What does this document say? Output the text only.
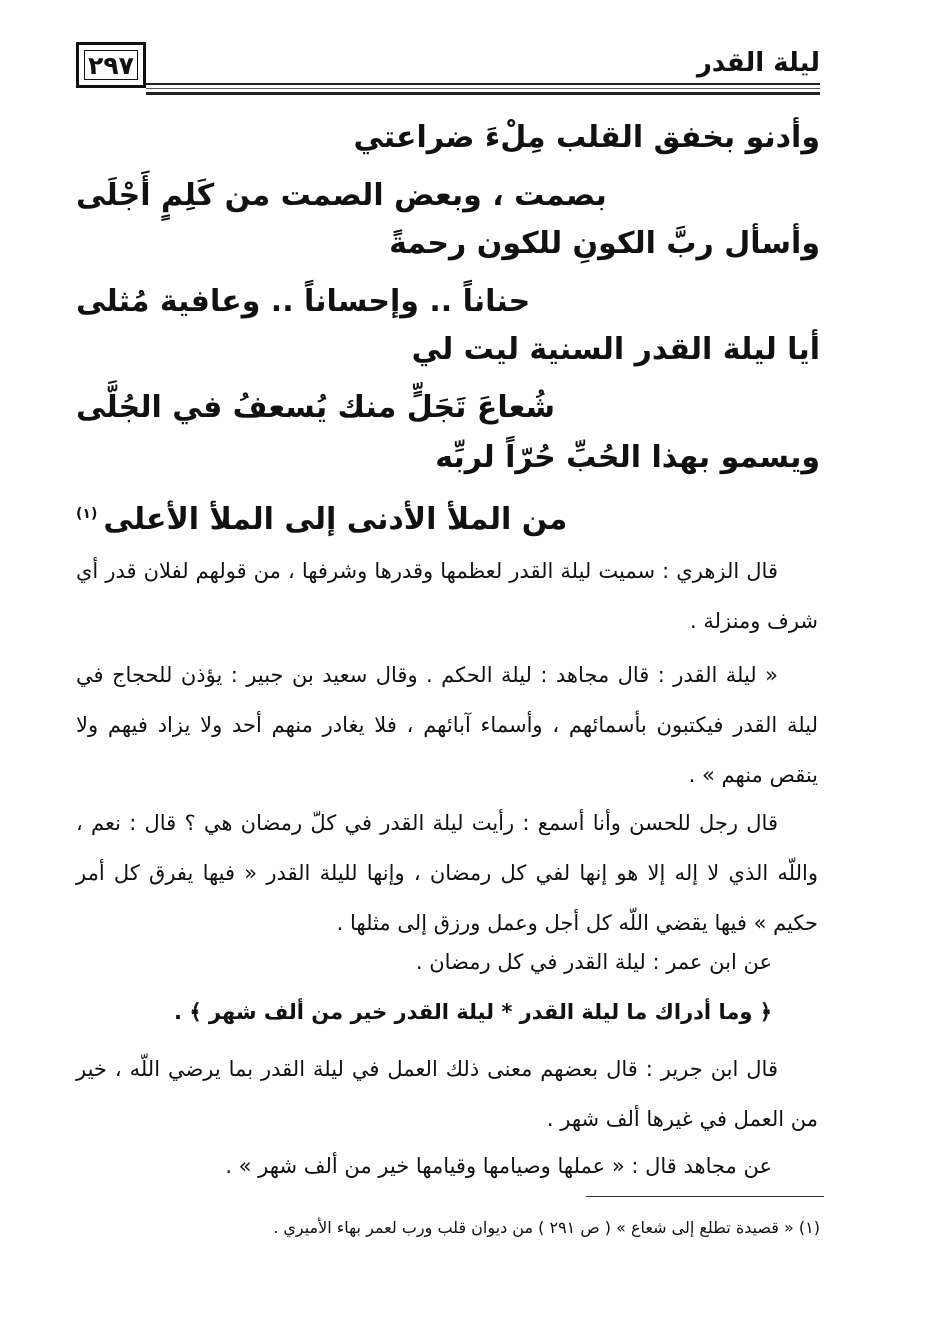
٢٩٧	ليلة القدر
وأدنو بخفق القلب مِلْءَ ضراعتي
بصمت ، وبعض الصمت من كَلِمٍ أَجْلَى
وأسأل ربَّ الكونِ للكون رحمةً
حناناً .. وإحساناً .. وعافية مُثلى
أيا ليلة القدر السنية ليت لي
شُعاعَ تَجَلٍّ منك يُسعفُ في الجُلَّى
ويسمو بهذا الحُبِّ حُرّاً لربِّه
من الملأ الأدنى إلى الملأ الأعلى$^{(١)}$
قال الزهري : سميت ليلة القدر لعظمها وقدرها وشرفها ، من قولهم لفلان قدر أي شرف ومنزلة .
« ليلة القدر : قال مجاهد : ليلة الحكم . وقال سعيد بن جبير : يؤذن للحجاج في ليلة القدر فيكتبون بأسمائهم ، وأسماء آبائهم ، فلا يغادر منهم أحد ولا يزاد فيهم ولا ينقص منهم » .
قال رجل للحسن وأنا أسمع : رأيت ليلة القدر في كلّ رمضان هي ؟ قال : نعم ، واللّه الذي لا إله إلا هو إنها لفي كل رمضان ، وإنها لليلة القدر « فيها يفرق كل أمر حكيم » فيها يقضي اللّه كل أجل وعمل ورزق إلى مثلها .
عن ابن عمر : ليلة القدر في كل رمضان .
﴿ وما أدراك ما ليلة القدر * ليلة القدر خير من ألف شهر ﴾ .
قال ابن جرير : قال بعضهم معنى ذلك العمل في ليلة القدر بما يرضي اللّه ، خير من العمل في غيرها ألف شهر .
عن مجاهد قال : « عملها وصيامها وقيامها خير من ألف شهر » .
(١) « قصيدة تطلع إلى شعاع » ( ص ٢٩١ ) من ديوان قلب ورب لعمر بهاء الأميري .
